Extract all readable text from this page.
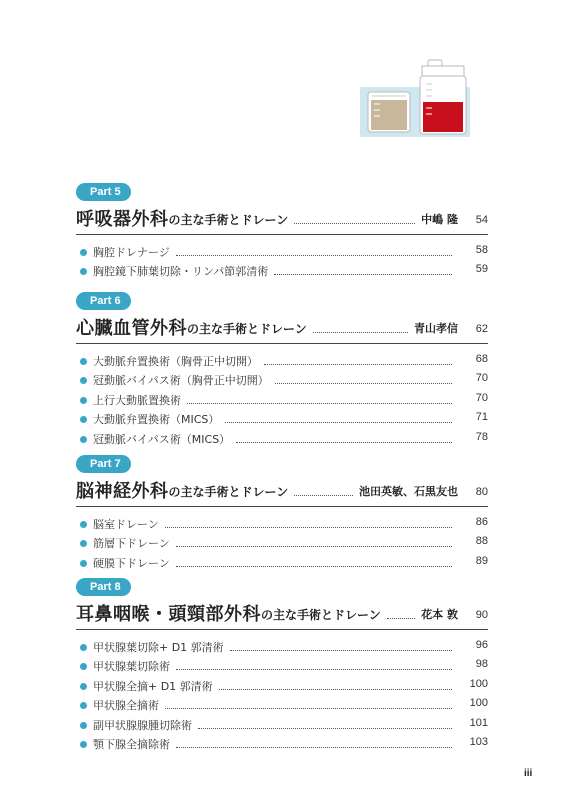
Part 5
呼吸器外科 の主な手術とドレーン	中嶋 隆	54
胸腔ドレナージ	58
胸腔鏡下肺葉切除・リンパ節郭清術	59
Part 6
心臓血管外科 の主な手術とドレーン	青山孝信	62
大動脈弁置換術（胸骨正中切開）	68
冠動脈バイパス術（胸骨正中切開）	70
上行大動脈置換術	70
大動脈弁置換術（MICS）	71
冠動脈バイパス術（MICS）	78
Part 7
脳神経外科 の主な手術とドレーン	池田英敏、石黒友也	80
脳室ドレーン	86
筋層下ドレーン	88
硬膜下ドレーン	89
Part 8
耳鼻咽喉・頭頸部外科 の主な手術とドレーン	花本 敦	90
甲状腺葉切除+ D1 郭清術	96
甲状腺葉切除術	98
甲状腺全摘+ D1 郭清術	100
甲状腺全摘術	100
副甲状腺腺腫切除術	101
顎下腺全摘除術	103
iii
